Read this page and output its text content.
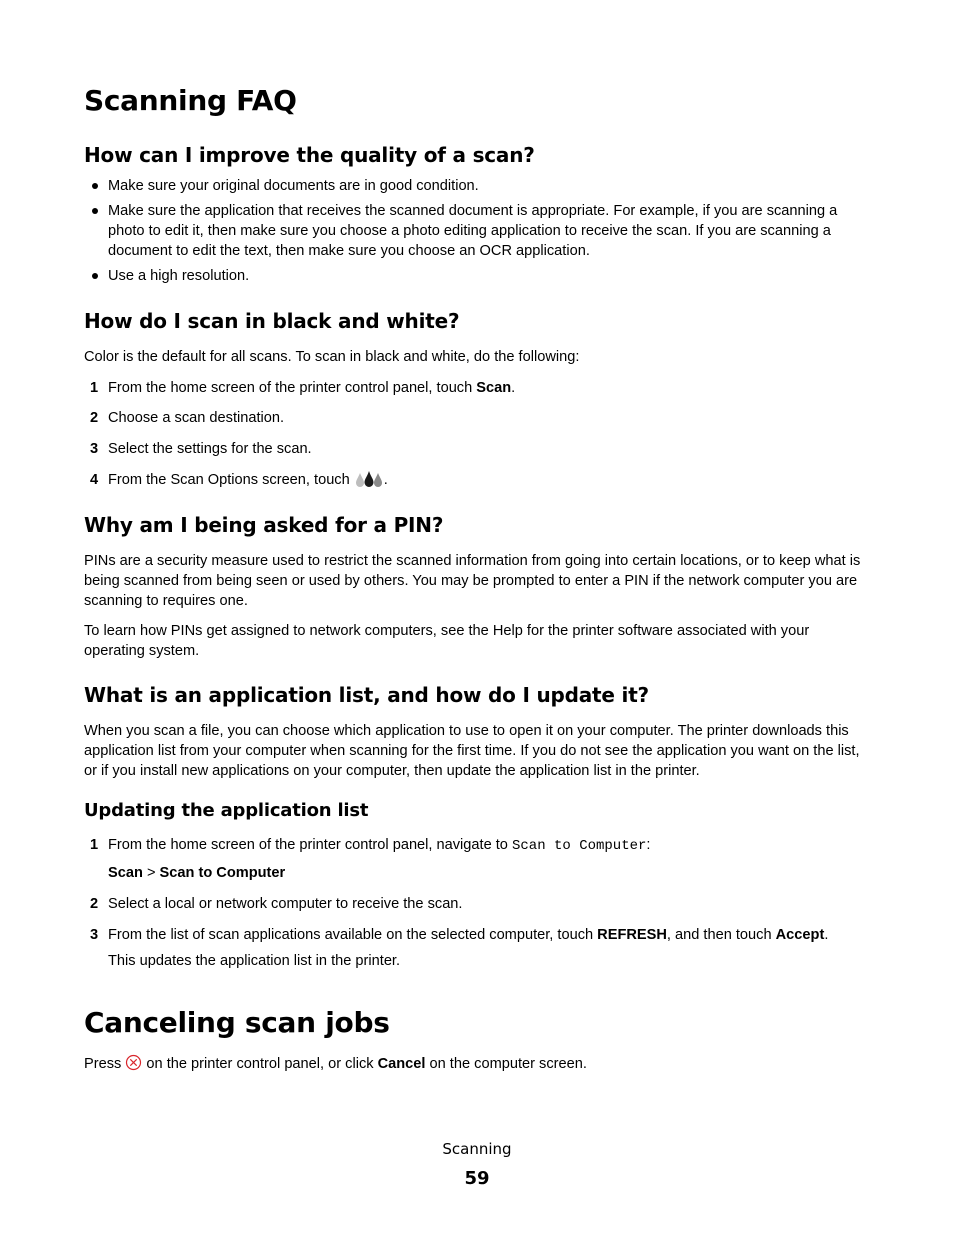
Scanning FAQ
How can I improve the quality of a scan?
Make sure your original documents are in good condition.
Make sure the application that receives the scanned document is appropriate. For example, if you are scanning a photo to edit it, then make sure you choose a photo editing application to receive the scan. If you are scanning a document to edit the text, then make sure you choose an OCR application.
Use a high resolution.
How do I scan in black and white?
Color is the default for all scans. To scan in black and white, do the following:
1 From the home screen of the printer control panel, touch Scan.
2 Choose a scan destination.
3 Select the settings for the scan.
4 From the Scan Options screen, touch .
Why am I being asked for a PIN?
PINs are a security measure used to restrict the scanned information from going into certain locations, or to keep what is being scanned from being seen or used by others. You may be prompted to enter a PIN if the network computer you are scanning to requires one.
To learn how PINs get assigned to network computers, see the Help for the printer software associated with your operating system.
What is an application list, and how do I update it?
When you scan a file, you can choose which application to use to open it on your computer. The printer downloads this application list from your computer when scanning for the first time. If you do not see the application you want on the list, or if you install new applications on your computer, then update the application list in the printer.
Updating the application list
1 From the home screen of the printer control panel, navigate to Scan to Computer:
Scan > Scan to Computer
2 Select a local or network computer to receive the scan.
3 From the list of scan applications available on the selected computer, touch REFRESH, and then touch Accept.
This updates the application list in the printer.
Canceling scan jobs
Press  on the printer control panel, or click Cancel on the computer screen.
Scanning
59
